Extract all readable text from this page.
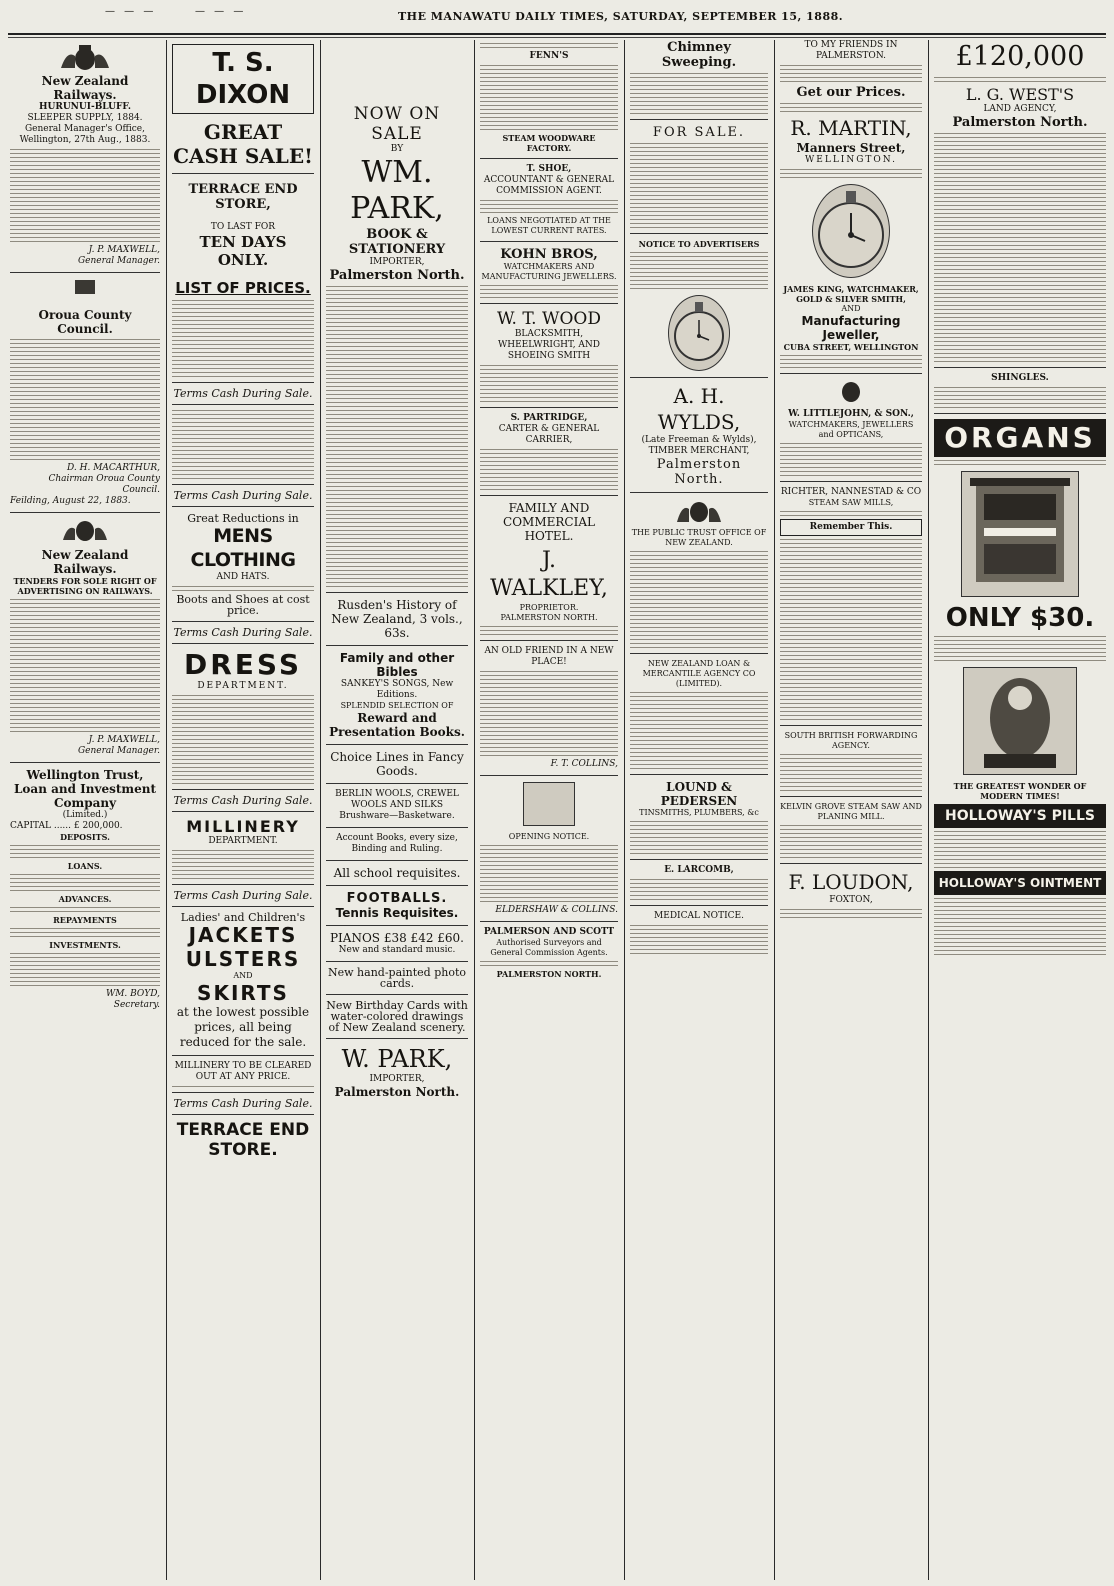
— — —	— — —	THE MANAWATU DAILY TIMES, SATURDAY, SEPTEMBER 15, 1888.
New Zealand Railways.
HURUNUI-BLUFF.
SLEEPER SUPPLY, 1884.
General Manager's Office,
Wellington, 27th Aug., 1883.
J. P. MAXWELL,
General Manager.
Oroua County Council.
D. H. MACARTHUR,
Chairman Oroua County Council.
Feilding, August 22, 1883.
New Zealand Railways.
TENDERS FOR SOLE RIGHT OF ADVERTISING ON RAILWAYS.
J. P. MAXWELL,
General Manager.
Wellington Trust, Loan and Investment Company
(Limited.)
CAPITAL ...... £ 200,000.
DEPOSITS.
LOANS.
ADVANCES.
REPAYMENTS
INVESTMENTS.
WM. BOYD,
Secretary.
T. S. DIXON
GREAT CASH SALE!
TERRACE END STORE,
TO LAST FOR
TEN DAYS ONLY.
LIST OF PRICES.
Terms Cash During Sale.
Terms Cash During Sale.
Great Reductions in
MENS CLOTHING
AND HATS.
Boots and Shoes at cost price.
Terms Cash During Sale.
DRESS
DEPARTMENT.
Terms Cash During Sale.
MILLINERY
DEPARTMENT.
Terms Cash During Sale.
Ladies' and Children's
JACKETS
ULSTERS
AND
SKIRTS
at the lowest possible prices, all being reduced for the sale.
MILLINERY TO BE CLEARED OUT AT ANY PRICE.
Terms Cash During Sale.
TERRACE END
STORE.
NOW ON SALE
BY
WM. PARK,
BOOK & STATIONERY
IMPORTER,
Palmerston North.
Rusden's History of New Zealand, 3 vols., 63s.
Family and other Bibles
SANKEY'S SONGS, New Editions.
SPLENDID SELECTION OF
Reward and Presentation Books.
Choice Lines in Fancy Goods.
BERLIN WOOLS, CREWEL WOOLS AND SILKS
Brushware—Basketware.
Account Books, every size, Binding and Ruling.
All school requisites.
FOOTBALLS.
Tennis Requisites.
PIANOS £38 £42 £60.
New and standard music.
New hand-painted photo cards.
New Birthday Cards with water-colored drawings of New Zealand scenery.
W. PARK,
IMPORTER,
Palmerston North.
FENN'S
STEAM WOODWARE FACTORY.
T. SHOE,
ACCOUNTANT & GENERAL COMMISSION AGENT.
LOANS NEGOTIATED AT THE LOWEST CURRENT RATES.
KOHN BROS,
WATCHMAKERS AND MANUFACTURING JEWELLERS.
W. T. WOOD
BLACKSMITH, WHEELWRIGHT, AND SHOEING SMITH
S. PARTRIDGE,
CARTER & GENERAL CARRIER,
FAMILY AND COMMERCIAL HOTEL.
J. WALKLEY,
PROPRIETOR.
PALMERSTON NORTH.
AN OLD FRIEND IN A NEW PLACE!
F. T. COLLINS,
OPENING NOTICE.
ELDERSHAW & COLLINS.
PALMERSON AND SCOTT
Authorised Surveyors and General Commission Agents.
PALMERSTON NORTH.
Chimney Sweeping.
FOR SALE.
NOTICE TO ADVERTISERS
A. H. WYLDS,
(Late Freeman & Wylds),
TIMBER MERCHANT,
Palmerston North.
THE PUBLIC TRUST OFFICE OF NEW ZEALAND.
NEW ZEALAND LOAN & MERCANTILE AGENCY CO (LIMITED).
LOUND & PEDERSEN
TINSMITHS, PLUMBERS, &c
E. LARCOMB,
MEDICAL NOTICE.
TO MY FRIENDS IN PALMERSTON.
Get our Prices.
R. MARTIN,
Manners Street,
WELLINGTON.
JAMES KING, WATCHMAKER, GOLD & SILVER SMITH,
AND
Manufacturing Jeweller,
CUBA STREET, WELLINGTON
W. LITTLEJOHN, & SON.,
WATCHMAKERS, JEWELLERS and OPTICANS,
RICHTER, NANNESTAD & CO
STEAM SAW MILLS,
Remember This.
SOUTH BRITISH FORWARDING AGENCY.
KELVIN GROVE STEAM SAW AND PLANING MILL.
F. LOUDON,
FOXTON,
£120,000
L. G. WEST'S
LAND AGENCY,
Palmerston North.
SHINGLES.
ORGANS
ONLY $30.
THE GREATEST WONDER OF MODERN TIMES!
HOLLOWAY'S PILLS
HOLLOWAY'S OINTMENT
